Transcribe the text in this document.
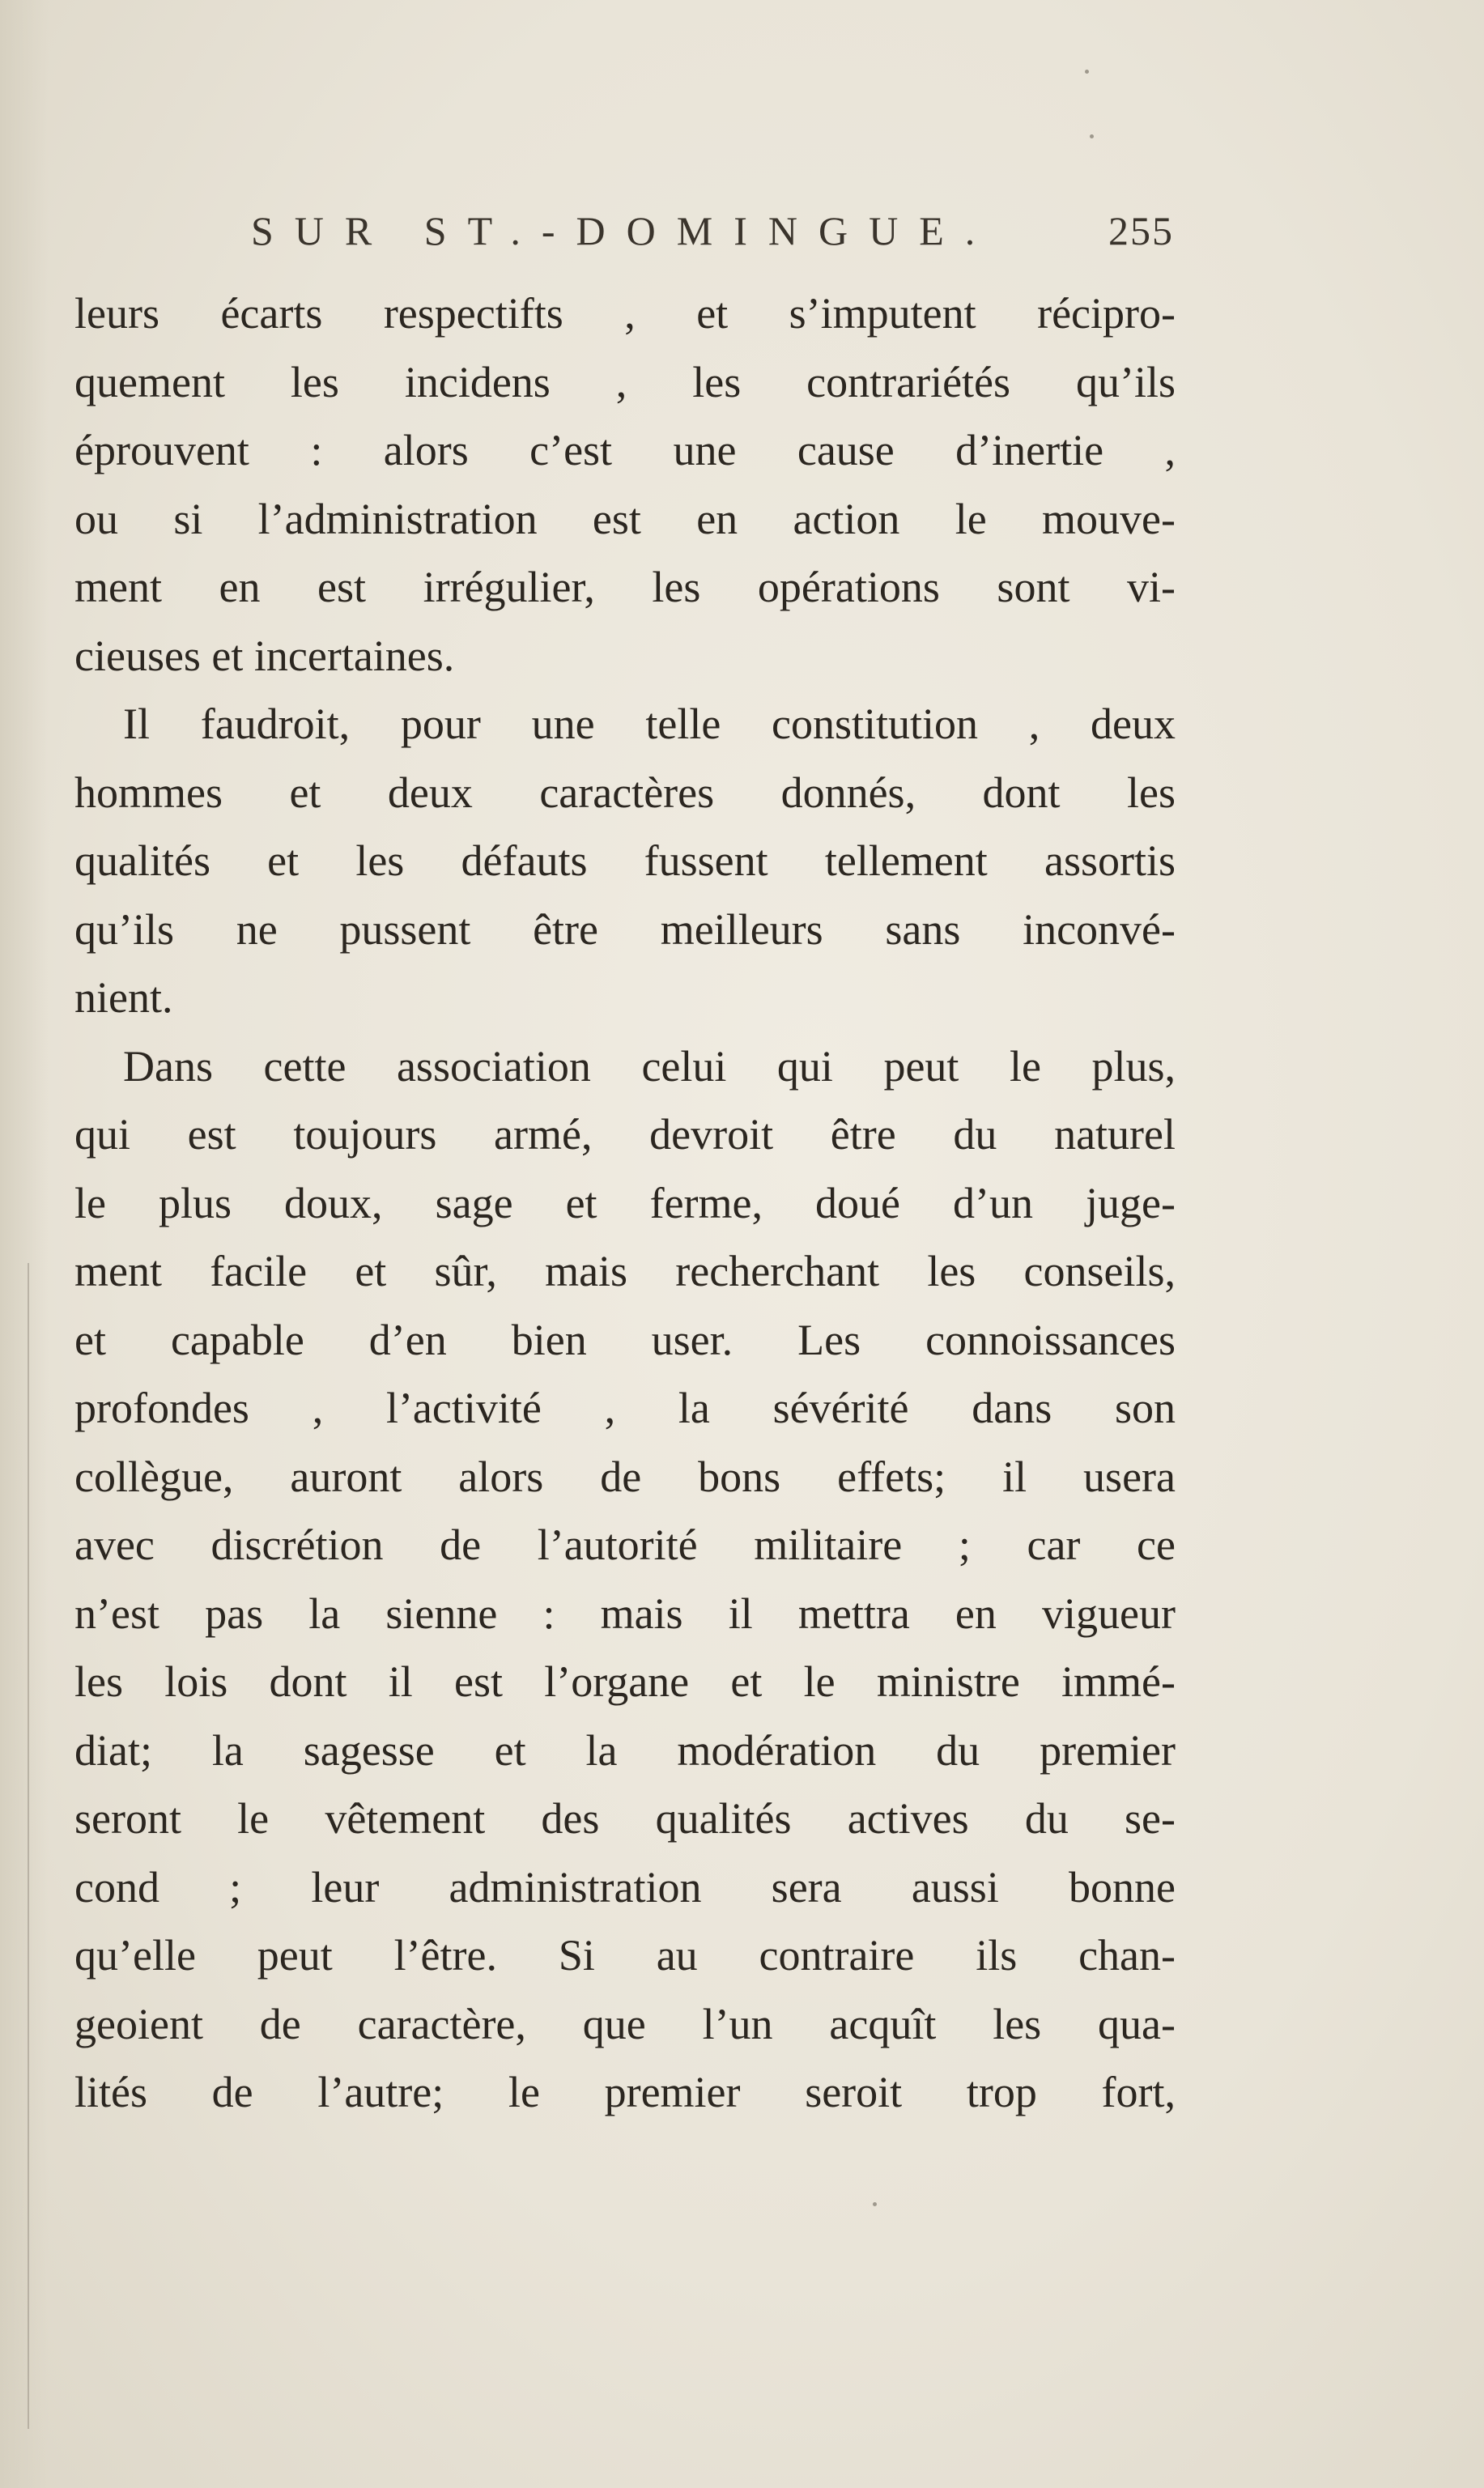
SUR ST.-DOMINGUE.	255
leurs écarts respectifts , et s’imputent récipro-
quement les incidens , les contrariétés qu’ils
éprouvent : alors c’est une cause d’inertie ,
ou si l’administration est en action le mouve-
ment en est irrégulier, les opérations sont vi-
cieuses et incertaines.
Il faudroit, pour une telle constitution , deux
hommes et deux caractères donnés, dont les
qualités et les défauts fussent tellement assortis
qu’ils ne pussent être meilleurs sans inconvé-
nient.
Dans cette association celui qui peut le plus,
qui est toujours armé, devroit être du naturel
le plus doux, sage et ferme, doué d’un juge-
ment facile et sûr, mais recherchant les conseils,
et capable d’en bien user. Les connoissances
profondes , l’activité , la sévérité dans son
collègue, auront alors de bons effets; il usera
avec discrétion de l’autorité militaire ; car ce
n’est pas la sienne : mais il mettra en vigueur
les lois dont il est l’organe et le ministre immé-
diat; la sagesse et la modération du premier
seront le vêtement des qualités actives du se-
cond ; leur administration sera aussi bonne
qu’elle peut l’être. Si au contraire ils chan-
geoient de caractère, que l’un acquît les qua-
lités de l’autre; le premier seroit trop fort,
